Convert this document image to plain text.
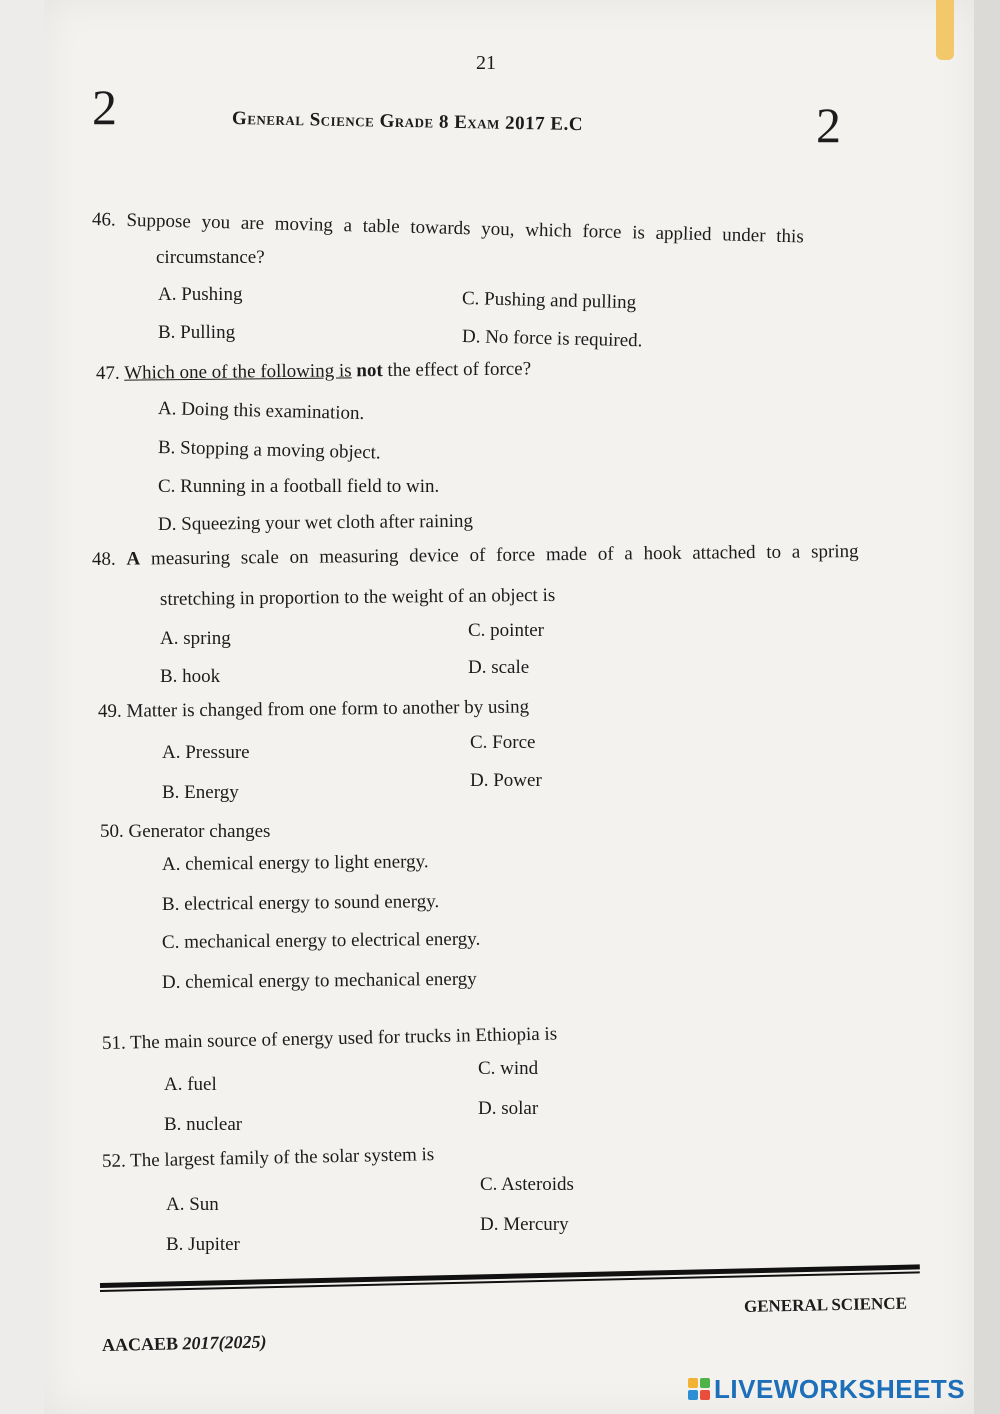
21
2	2
General Science Grade 8 Exam 2017 E.C
46. Suppose you are moving a table towards you, which force is applied under this
circumstance?
A. Pushing
B. Pulling
C. Pushing and pulling
D. No force is required.
47. Which one of the following is not the effect of force?
A. Doing this examination.
B. Stopping a moving object.
C. Running in a football field to win.
D. Squeezing your wet cloth after raining
48. A measuring scale on measuring device of force made of a hook attached to a spring
stretching in proportion to the weight of an object is
A. spring
B. hook
C. pointer
D. scale
49. Matter is changed from one form to another by using
A. Pressure
B. Energy
C. Force
D. Power
50. Generator changes
A. chemical energy to light energy.
B. electrical energy to sound energy.
C. mechanical energy to electrical energy.
D. chemical energy to mechanical energy
51. The main source of energy used for trucks in Ethiopia is
A. fuel
B. nuclear
C. wind
D. solar
52. The largest family of the solar system is
A. Sun
B. Jupiter
C. Asteroids
D. Mercury
GENERAL SCIENCE
AACAEB 2017(2025)
LIVEWORKSHEETS
